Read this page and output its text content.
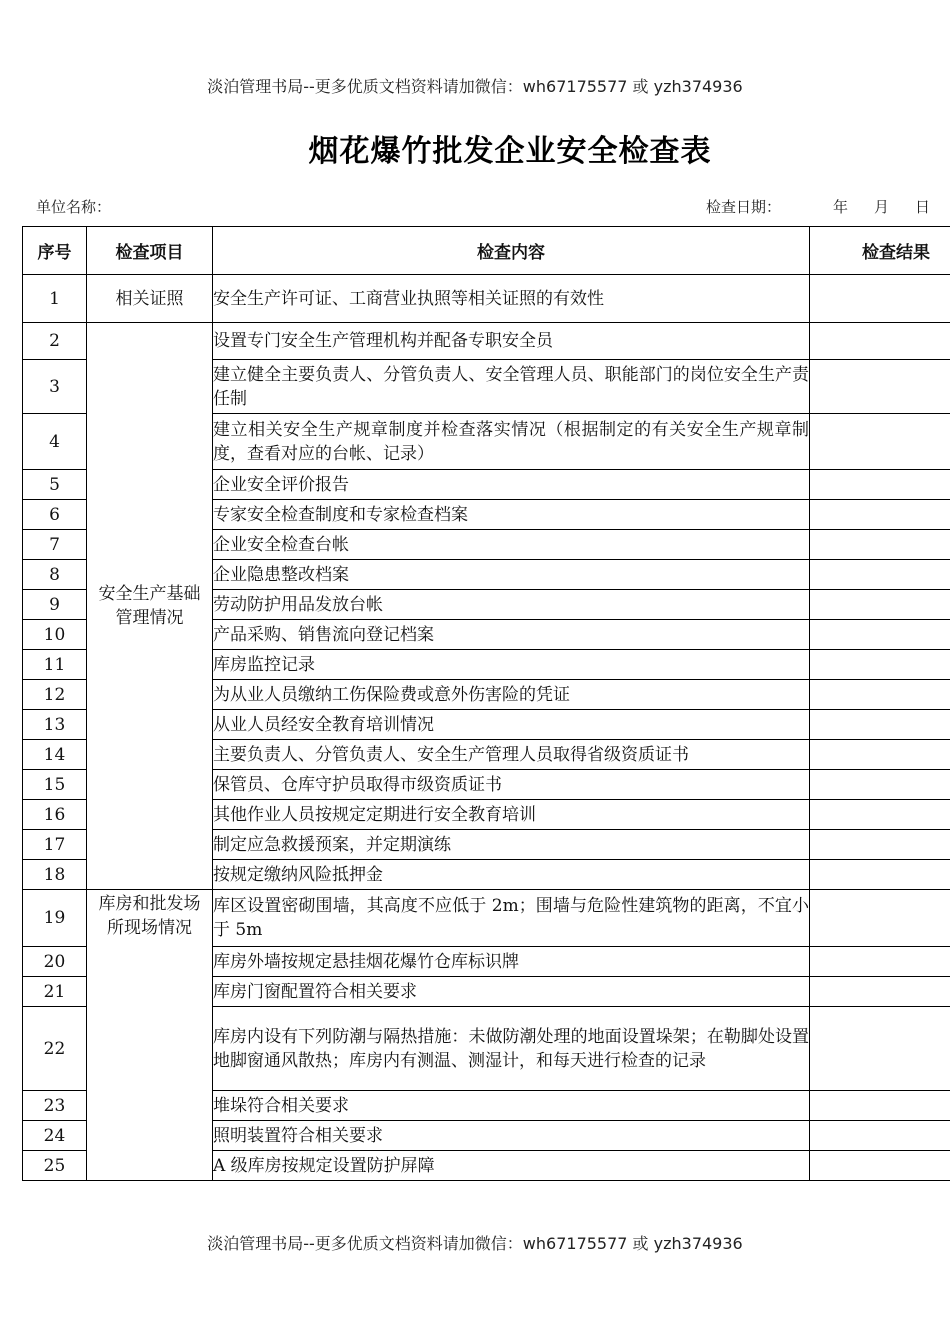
淡泊管理书局--更多优质文档资料请加微信：wh67175577 或 yzh374936
烟花爆竹批发企业安全检查表
单位名称：	检查日期：	年 月 日
序号	检查项目	检查内容	检查结果
1	相关证照	安全生产许可证、工商营业执照等相关证照的有效性	
2	安全生产基础管理情况	设置专门安全生产管理机构并配备专职安全员	
3		建立健全主要负责人、分管负责人、安全管理人员、职能部门的岗位安全生产责任制	
4		建立相关安全生产规章制度并检查落实情况（根据制定的有关安全生产规章制度，查看对应的台帐、记录）	
5		企业安全评价报告	
6		专家安全检查制度和专家检查档案	
7		企业安全检查台帐	
8		企业隐患整改档案	
9		劳动防护用品发放台帐	
10		产品采购、销售流向登记档案	
11		库房监控记录	
12		为从业人员缴纳工伤保险费或意外伤害险的凭证	
13		从业人员经安全教育培训情况	
14		主要负责人、分管负责人、安全生产管理人员取得省级资质证书	
15		保管员、仓库守护员取得市级资质证书	
16		其他作业人员按规定定期进行安全教育培训	
17		制定应急救援预案，并定期演练	
18		按规定缴纳风险抵押金	
19	库房和批发场所现场情况	库区设置密砌围墙，其高度不应低于 2m；围墙与危险性建筑物的距离，不宜小于 5m	
20		库房外墙按规定悬挂烟花爆竹仓库标识牌	
21		库房门窗配置符合相关要求	
22		库房内设有下列防潮与隔热措施：未做防潮处理的地面设置垛架；在勒脚处设置地脚窗通风散热；库房内有测温、测湿计，和每天进行检查的记录	
23		堆垛符合相关要求	
24		照明装置符合相关要求	
25		A 级库房按规定设置防护屏障	
淡泊管理书局--更多优质文档资料请加微信：wh67175577 或 yzh374936
